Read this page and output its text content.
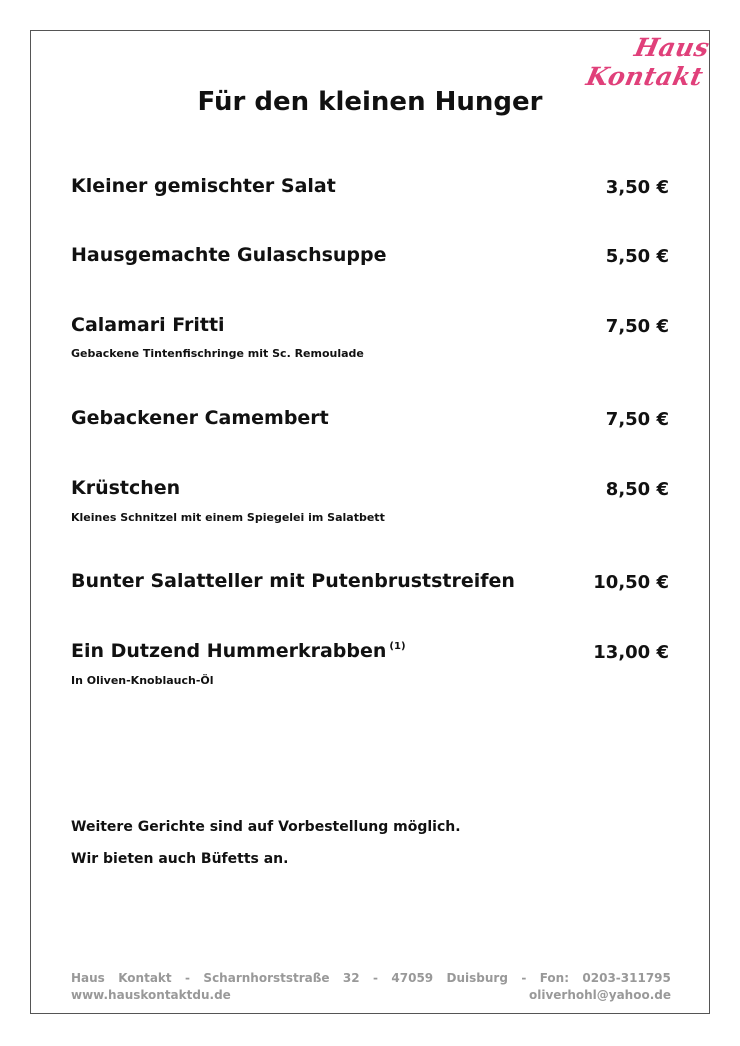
Haus Kontakt
Für den kleinen Hunger
Kleiner gemischter Salat	3,50 €
Hausgemachte Gulaschsuppe	5,50 €
Calamari Fritti	7,50 €
Gebackene Tintenfischringe mit Sc. Remoulade
Gebackener Camembert	7,50 €
Krüstchen	8,50 €
Kleines Schnitzel mit einem Spiegelei im Salatbett
Bunter Salatteller mit Putenbruststreifen	10,50 €
Ein Dutzend Hummerkrabben $^{(1)}$	13,00 €
In Oliven-Knoblauch-Öl
Weitere Gerichte sind auf Vorbestellung möglich.
Wir bieten auch Büfetts an.
Haus Kontakt - Scharnhorststraße 32 - 47059 Duisburg - Fon: 0203-311795
www.hauskontaktdu.de	oliverhohl@yahoo.de
